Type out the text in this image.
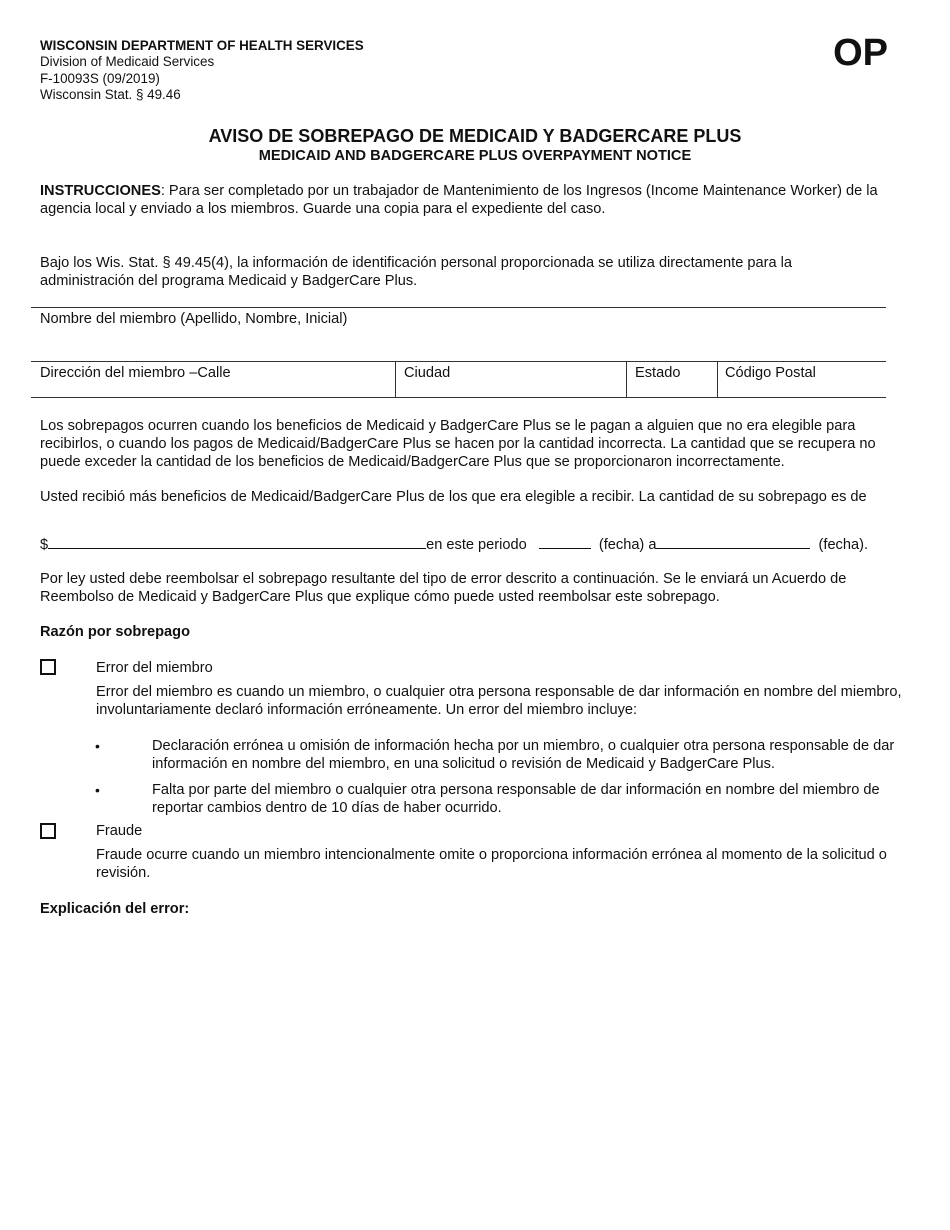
WISCONSIN DEPARTMENT OF HEALTH SERVICES
Division of Medicaid Services
F-10093S (09/2019)
Wisconsin Stat. § 49.46
OP
AVISO DE SOBREPAGO DE MEDICAID Y BADGERCARE PLUS
MEDICAID AND BADGERCARE PLUS OVERPAYMENT NOTICE
INSTRUCCIONES: Para ser completado por un trabajador de Mantenimiento de los Ingresos (Income Maintenance Worker) de la agencia local y enviado a los miembros. Guarde una copia para el expediente del caso.
Bajo los Wis. Stat. § 49.45(4), la información de identificación personal proporcionada se utiliza directamente para la administración del programa Medicaid y BadgerCare Plus.
Nombre del miembro (Apellido, Nombre, Inicial)
Dirección del miembro –Calle	Ciudad	Estado	Código Postal
Los sobrepagos ocurren cuando los beneficios de Medicaid y BadgerCare Plus se le pagan a alguien que no era elegible para recibirlos, o cuando los pagos de Medicaid/BadgerCare Plus se hacen por la cantidad incorrecta. La cantidad que se recupera no puede exceder la cantidad de los beneficios de Medicaid/BadgerCare Plus que se proporcionaron incorrectamente.
Usted recibió más beneficios de Medicaid/BadgerCare Plus de los que era elegible a recibir. La cantidad de su sobrepago es de
$	en este periodo	(fecha) a	(fecha).
Por ley usted debe reembolsar el sobrepago resultante del tipo de error descrito a continuación. Se le enviará un Acuerdo de Reembolso de Medicaid y BadgerCare Plus que explique cómo puede usted reembolsar este sobrepago.
Razón por sobrepago
Error del miembro
Error del miembro es cuando un miembro, o cualquier otra persona responsable de dar información en nombre del miembro, involuntariamente declaró información erróneamente. Un error del miembro incluye:
•	Declaración errónea u omisión de información hecha por un miembro, o cualquier otra persona responsable de dar información en nombre del miembro, en una solicitud o revisión de Medicaid y BadgerCare Plus.
•	Falta por parte del miembro o cualquier otra persona responsable de dar información en nombre del miembro de reportar cambios dentro de 10 días de haber ocurrido.
Fraude
Fraude ocurre cuando un miembro intencionalmente omite o proporciona información errónea al momento de la solicitud o revisión.
Explicación del error:
